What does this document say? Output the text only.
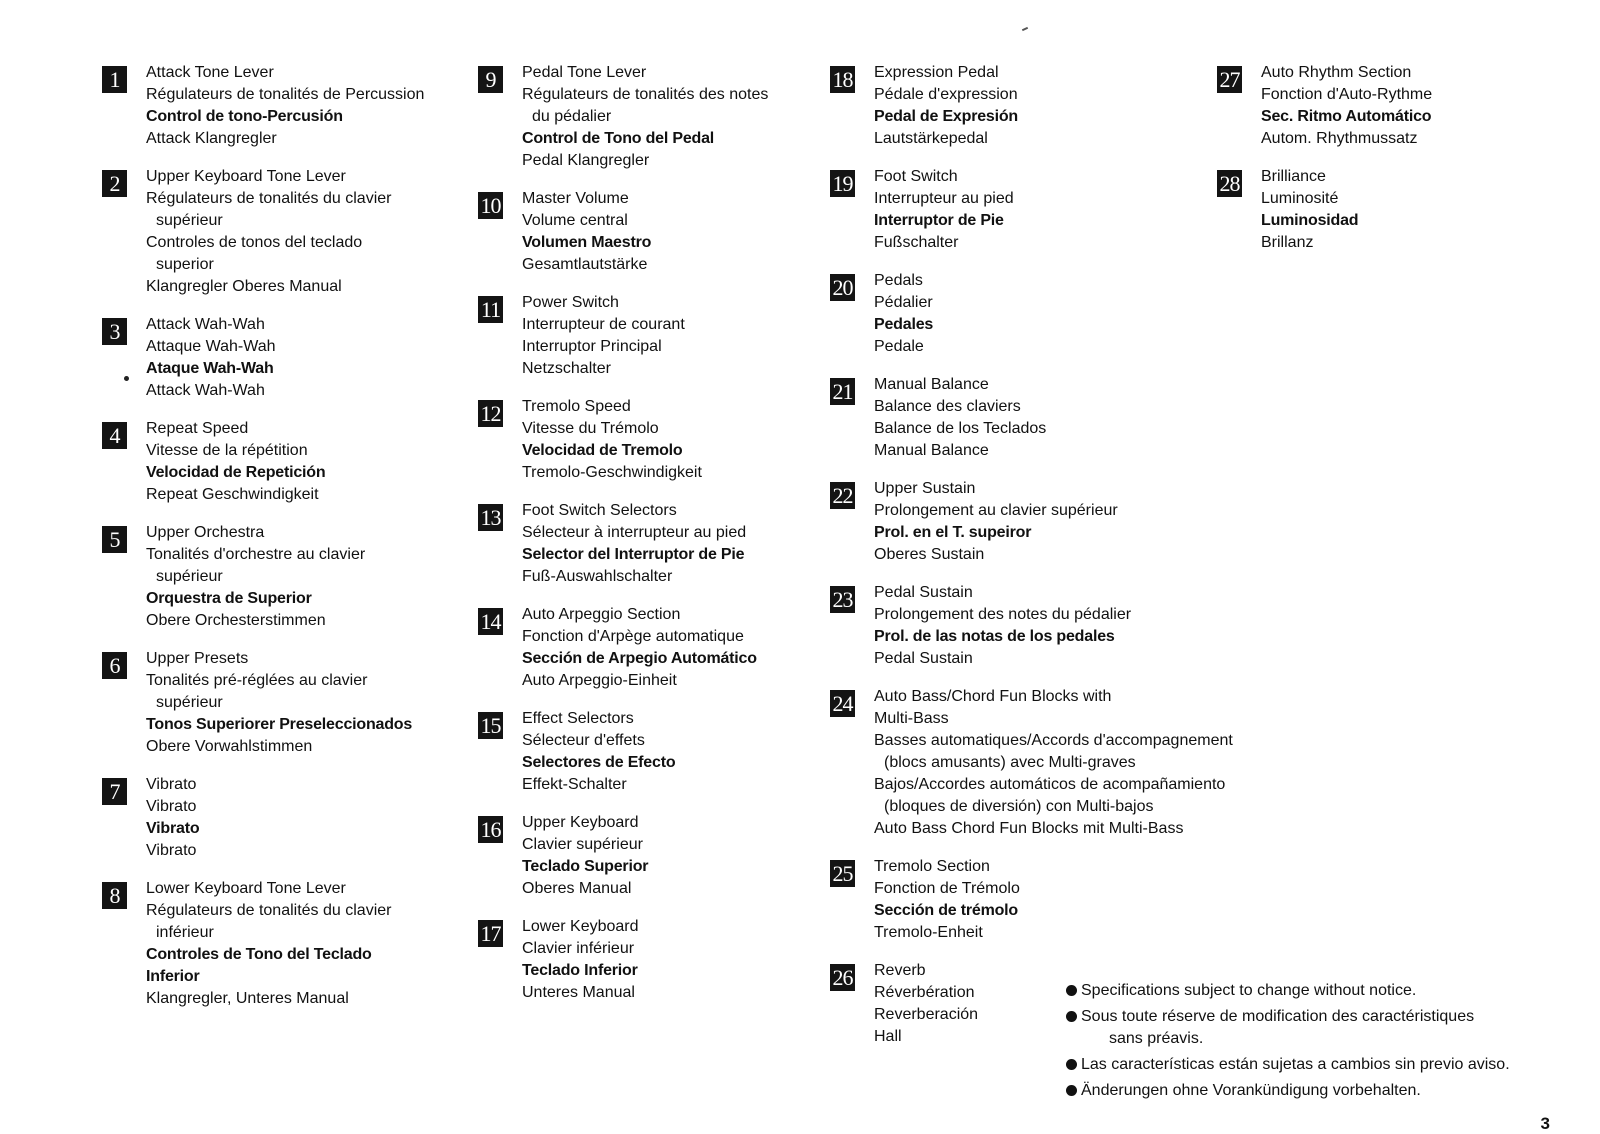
1	Attack Tone Lever
Régulateurs de tonalités de Percussion
Control de tono-Percusión
Attack Klangregler
2	Upper Keyboard Tone Lever
Régulateurs de tonalités du clavier
supérieur
Controles de tonos del teclado
superior
Klangregler Oberes Manual
3	Attack Wah-Wah
Attaque Wah-Wah
Ataque Wah-Wah
Attack Wah-Wah
4	Repeat Speed
Vitesse de la répétition
Velocidad de Repetición
Repeat Geschwindigkeit
5	Upper Orchestra
Tonalités d'orchestre au clavier
supérieur
Orquestra de Superior
Obere Orchesterstimmen
6	Upper Presets
Tonalités pré-réglées au clavier
supérieur
Tonos Superiorer Preseleccionados
Obere Vorwahlstimmen
7	Vibrato
Vibrato
Vibrato
Vibrato
8	Lower Keyboard Tone Lever
Régulateurs de tonalités du clavier
inférieur
Controles de Tono del Teclado
Inferior
Klangregler, Unteres Manual
9	Pedal Tone Lever
Régulateurs de tonalités des notes
du pédalier
Control de Tono del Pedal
Pedal Klangregler
10 Master Volume
Volume central
Volumen Maestro
Gesamtlautstärke
11 Power Switch
Interrupteur de courant
Interruptor Principal
Netzschalter
12 Tremolo Speed
Vitesse du Trémolo
Velocidad de Tremolo
Tremolo-Geschwindigkeit
13 Foot Switch Selectors
Sélecteur à interrupteur au pied
Selector del Interruptor de Pie
Fuß-Auswahlschalter
14 Auto Arpeggio Section
Fonction d'Arpège automatique
Sección de Arpegio Automático
Auto Arpeggio-Einheit
15 Effect Selectors
Sélecteur d'effets
Selectores de Efecto
Effekt-Schalter
16 Upper Keyboard
Clavier supérieur
Teclado Superior
Oberes Manual
17 Lower Keyboard
Clavier inférieur
Teclado Inferior
Unteres Manual
18 Expression Pedal
Pédale d'expression
Pedal de Expresión
Lautstärkepedal
19 Foot Switch
Interrupteur au pied
Interruptor de Pie
Fußschalter
20 Pedals
Pédalier
Pedales
Pedale
21 Manual Balance
Balance des claviers
Balance de los Teclados
Manual Balance
22 Upper Sustain
Prolongement au clavier supérieur
Prol. en el T. supeiror
Oberes Sustain
23 Pedal Sustain
Prolongement des notes du pédalier
Prol. de las notas de los pedales
Pedal Sustain
24 Auto Bass/Chord Fun Blocks with
Multi-Bass
Basses automatiques/Accords d'accompagnement
(blocs amusants) avec Multi-graves
Bajos/Accordes automáticos de acompañamiento
(bloques de diversión) con Multi-bajos
Auto Bass Chord Fun Blocks mit Multi-Bass
25 Tremolo Section
Fonction de Trémolo
Sección de trémolo
Tremolo-Enheit
26 Reverb
Réverbération
Reverberación
Hall
27 Auto Rhythm Section
Fonction d'Auto-Rythme
Sec. Ritmo Automático
Autom. Rhythmussatz
28 Brilliance
Luminosité
Luminosidad
Brillanz
Specifications subject to change without notice.
Sous toute réserve de modification des caractéristiques
sans préavis.
Las características están sujetas a cambios sin previo aviso.
Änderungen ohne Vorankündigung vorbehalten.
3
